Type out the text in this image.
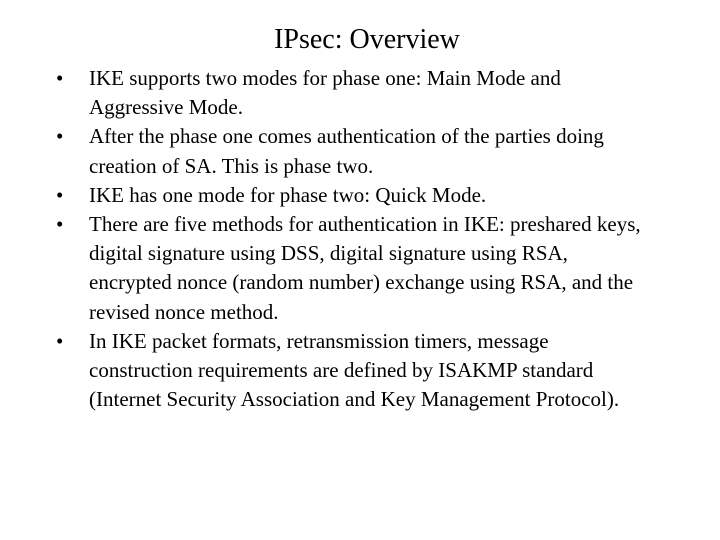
IPsec: Overview
• IKE supports two modes for phase one: Main Mode and Aggressive Mode.
• After the phase one comes authentication of the parties doing creation of SA. This is phase two.
• IKE has one mode for phase two: Quick Mode.
• There are five methods for authentication in IKE: preshared keys, digital signature using DSS, digital signature using RSA, encrypted nonce (random number) exchange using RSA, and the revised nonce method.
• In IKE packet formats, retransmission timers, message construction requirements are defined by ISAKMP standard (Internet Security Association and Key Management Protocol).
